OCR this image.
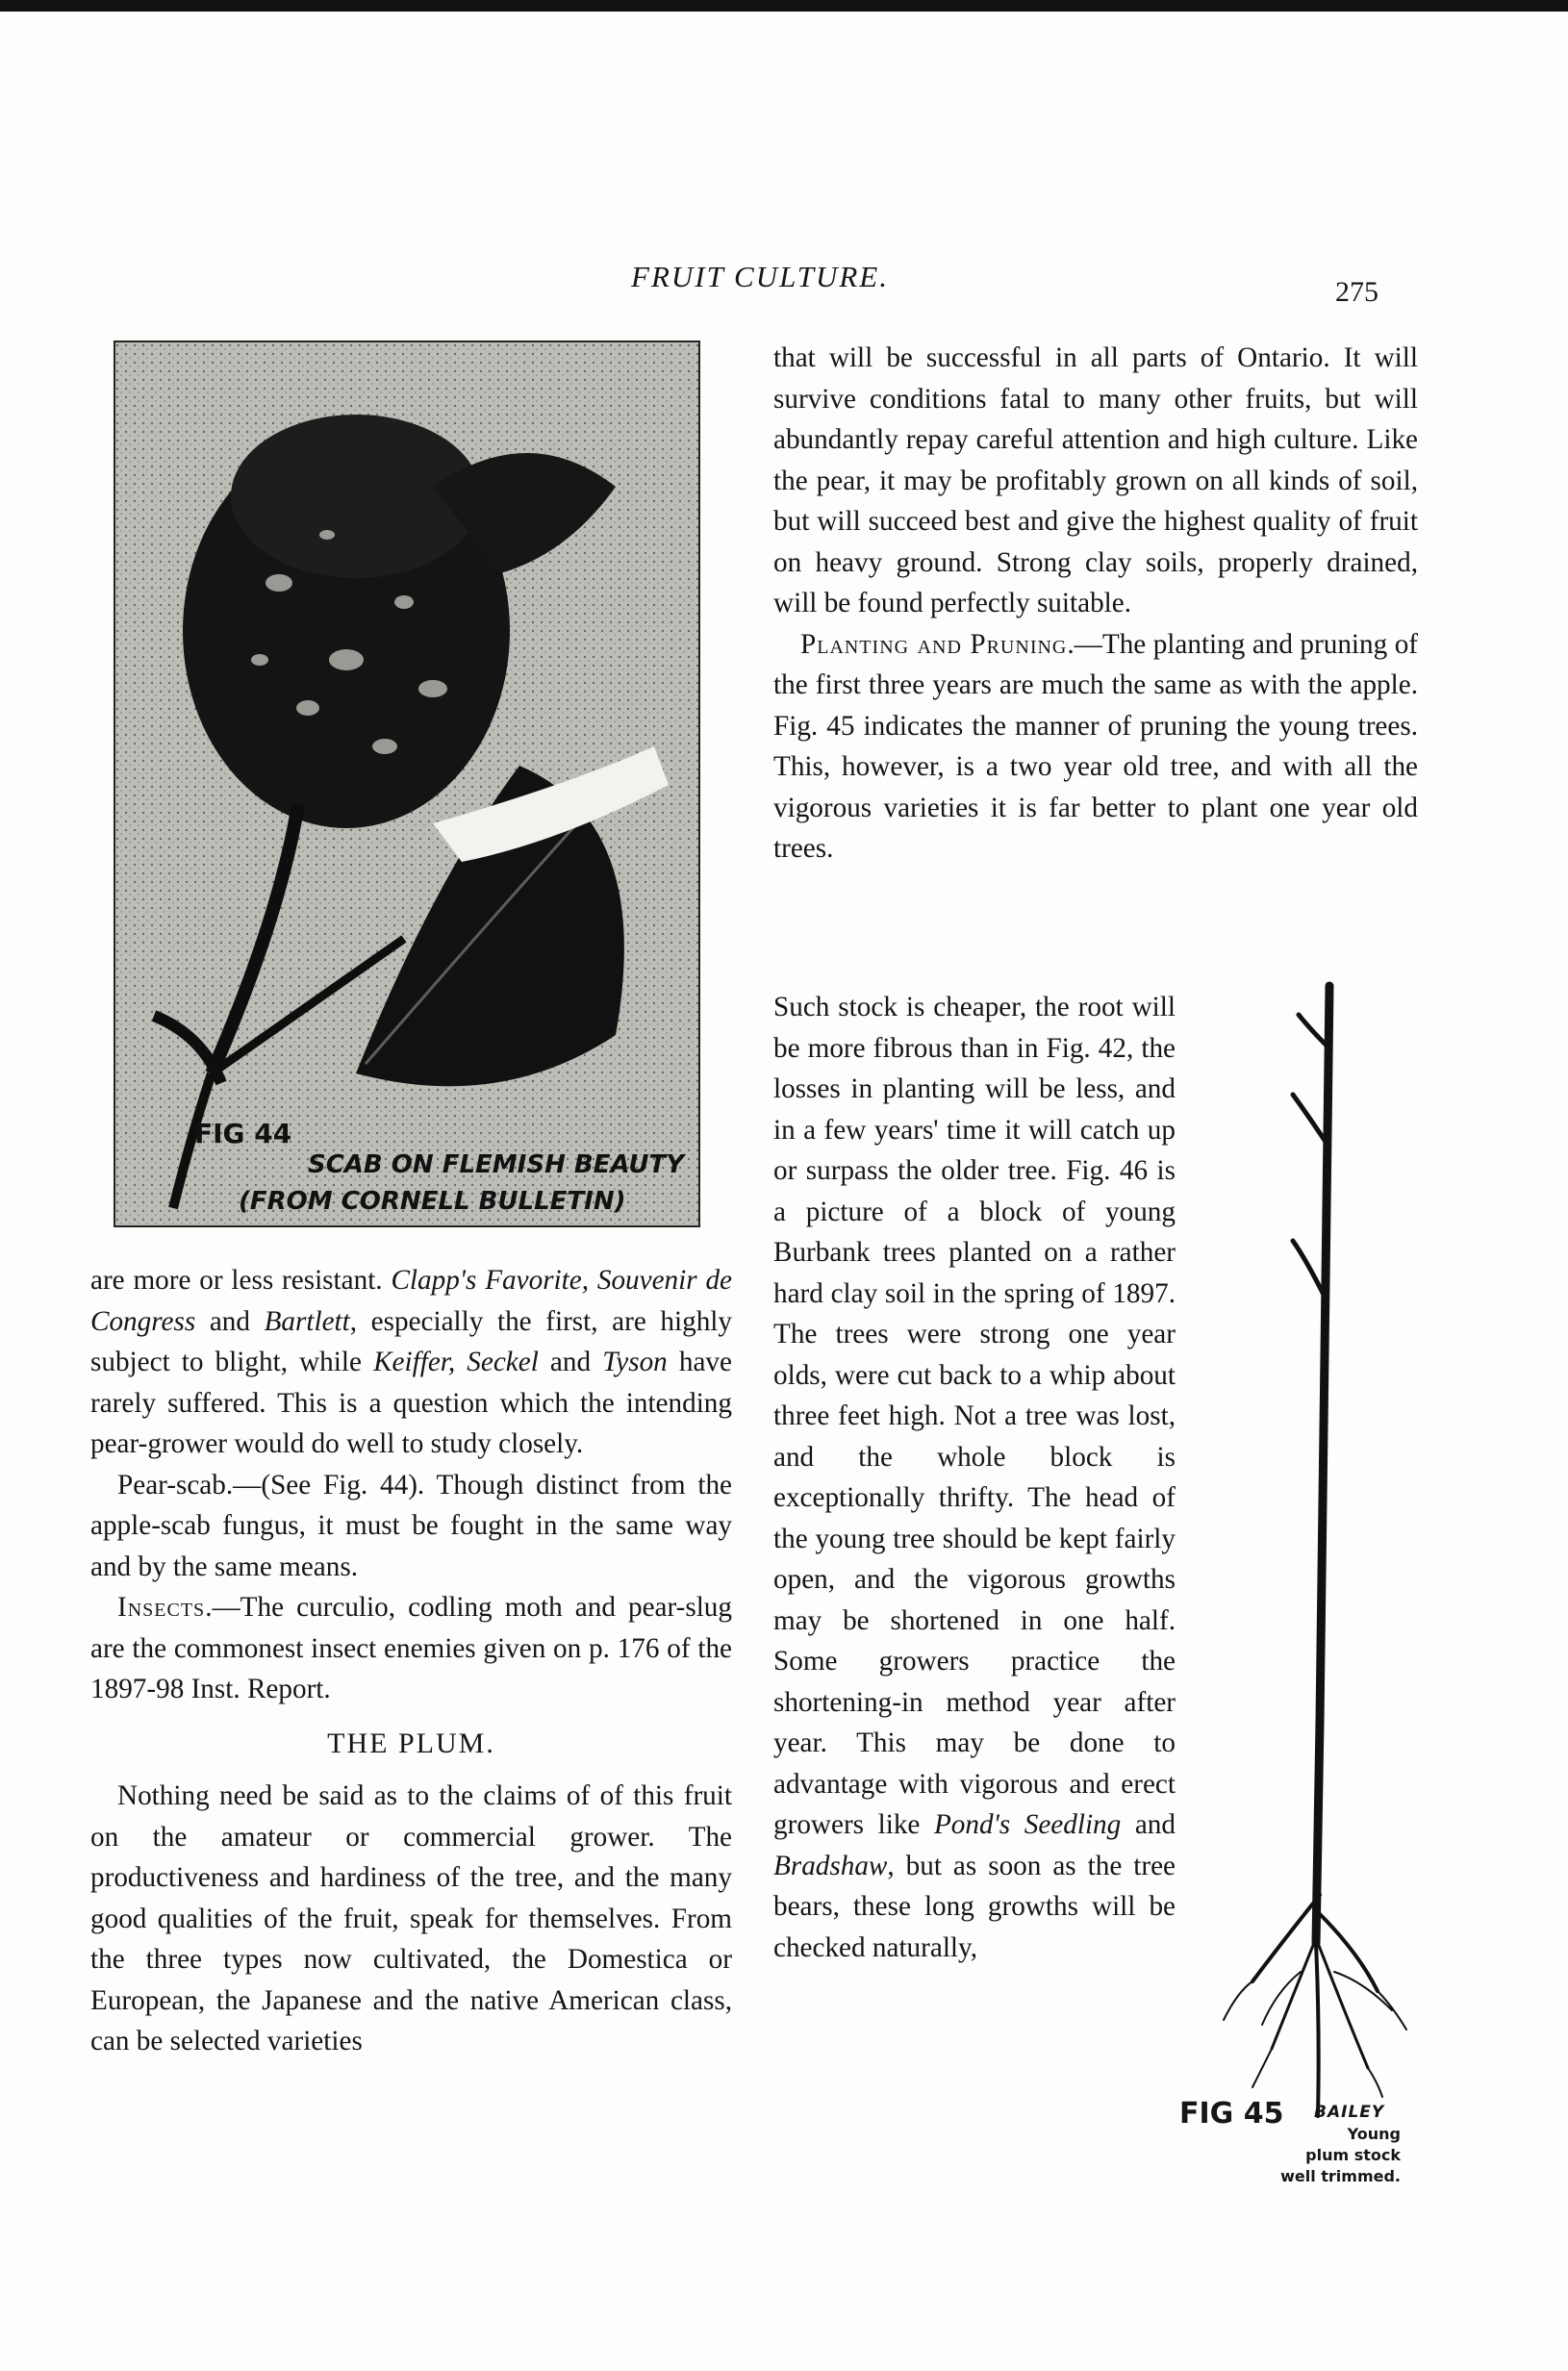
FRUIT CULTURE.	275
FIG 44
SCAB ON FLEMISH BEAUTY
(FROM CORNELL BULLETIN)

are more or less resistant. Clapp's Favorite, Souvenir de Congress and Bartlett, especially the first, are highly subject to blight, while Keiffer, Seckel and Tyson have rarely suffered. This is a question which the intending pear-grower would do well to study closely.

Pear-scab.—(See Fig. 44). Though distinct from the apple-scab fungus, it must be fought in the same way and by the same means.

Insects.—The curculio, codling moth and pear-slug are the commonest insect enemies given on p. 176 of the 1897-98 Inst. Report.

THE PLUM.

Nothing need be said as to the claims of of this fruit on the amateur or commercial grower. The productiveness and hardiness of the tree, and the many good qualities of the fruit, speak for themselves. From the three types now cultivated, the Domestica or European, the Japanese and the native American class, can be selected varieties

that will be successful in all parts of Ontario. It will survive conditions fatal to many other fruits, but will abundantly repay careful attention and high culture. Like the pear, it may be profitably grown on all kinds of soil, but will succeed best and give the highest quality of fruit on heavy ground. Strong clay soils, properly drained, will be found perfectly suitable.

Planting and Pruning.—The planting and pruning of the first three years are much the same as with the apple. Fig. 45 indicates the manner of pruning the young trees. This, however, is a two year old tree, and with all the vigorous varieties it is far better to plant one year old trees.

Such stock is cheaper, the root will be more fibrous than in Fig. 42, the losses in planting will be less, and in a few years' time it will catch up or surpass the older tree. Fig. 46 is a picture of a block of young Burbank trees planted on a rather hard clay soil in the spring of 1897. The trees were strong one year olds, were cut back to a whip about three feet high. Not a tree was lost, and the whole block is exceptionally thrifty. The head of the young tree should be kept fairly open, and the vigorous growths may be shortened in one half. Some growers practice the shortening-in method year after year. This may be done to advantage with vigorous and erect growers like Pond's Seedling and Bradshaw, but as soon as the tree bears, these long growths will be checked naturally,

FIG 45 BAILEY
Young
plum stock
well trimmed.
